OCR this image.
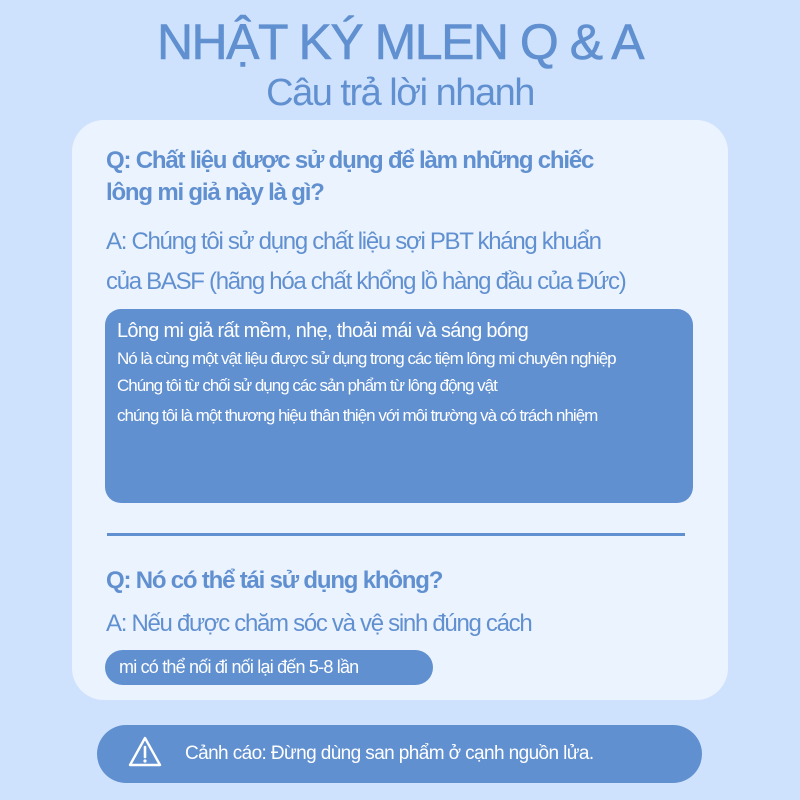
NHẬT KÝ MLEN Q & A
Câu trả lời nhanh
Q: Chất liệu được sử dụng để làm những chiếc
lông mi giả này là gì?
A: Chúng tôi sử dụng chất liệu sợi PBT kháng khuẩn
của BASF (hãng hóa chất khổng lồ hàng đầu của Đức)
Lông mi giả rất mềm, nhẹ, thoải mái và sáng bóng
Nó là cùng một vật liệu được sử dụng trong các tiệm lông mi chuyên nghiệp
Chúng tôi từ chối sử dụng các sản phẩm từ lông động vật
chúng tôi là một thương hiệu thân thiện với môi trường và có trách nhiệm
Q: Nó có thể tái sử dụng không?
A: Nếu được chăm sóc và vệ sinh đúng cách
mi có thể nối đi nối lại đến 5-8 lần
Cảnh cáo: Đừng dùng san phẩm ở cạnh nguồn lửa.
